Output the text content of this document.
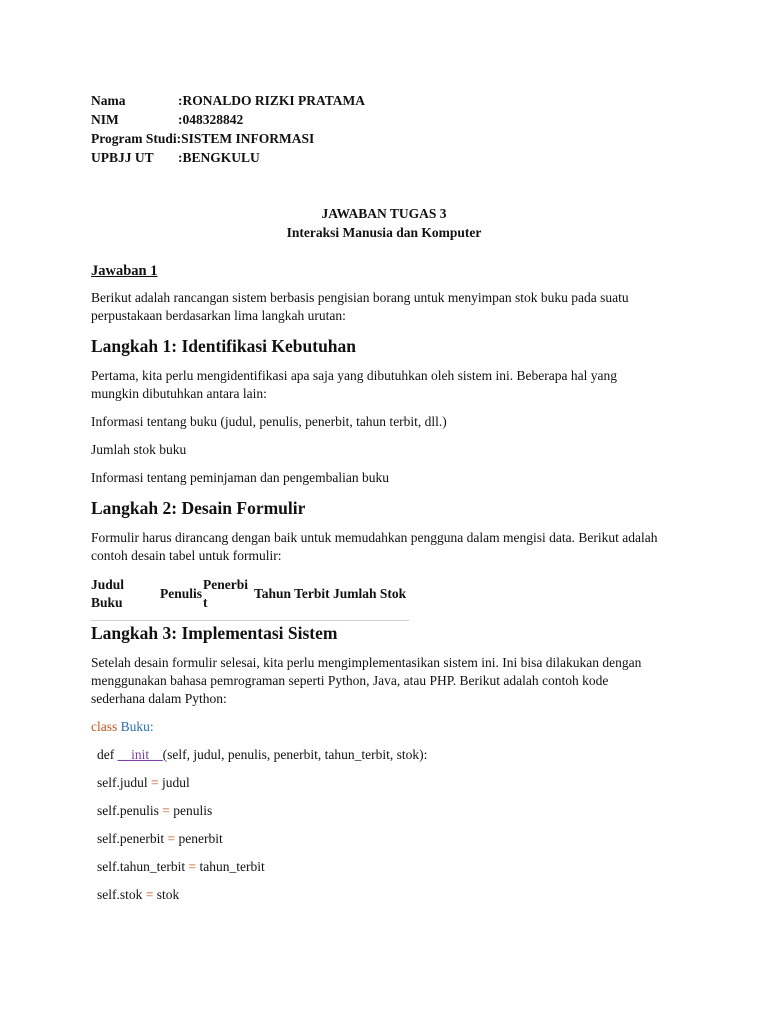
Nama	:RONALDO RIZKI PRATAMA
NIM	:048328842
Program Studi:SISTEM INFORMASI
UPBJJ UT :BENGKULU
JAWABAN TUGAS 3
Interaksi Manusia dan Komputer
Jawaban 1
Berikut adalah rancangan sistem berbasis pengisian borang untuk menyimpan stok buku pada suatu
perpustakaan berdasarkan lima langkah urutan:
Langkah 1: Identifikasi Kebutuhan
Pertama, kita perlu mengidentifikasi apa saja yang dibutuhkan oleh sistem ini. Beberapa hal yang
mungkin dibutuhkan antara lain:
Informasi tentang buku (judul, penulis, penerbit, tahun terbit, dll.)
Jumlah stok buku
Informasi tentang peminjaman dan pengembalian buku
Langkah 2: Desain Formulir
Formulir harus dirancang dengan baik untuk memudahkan pengguna dalam mengisi data. Berikut adalah
contoh desain tabel untuk formulir:
Judul
Buku
Penulis
Penerbi
t
Tahun Terbit Jumlah Stok
Langkah 3: Implementasi Sistem
Setelah desain formulir selesai, kita perlu mengimplementasikan sistem ini. Ini bisa dilakukan dengan
menggunakan bahasa pemrograman seperti Python, Java, atau PHP. Berikut adalah contoh kode
sederhana dalam Python:
class Buku:
def __init__(self, judul, penulis, penerbit, tahun_terbit, stok):
self.judul = judul
self.penulis = penulis
self.penerbit = penerbit
self.tahun_terbit = tahun_terbit
self.stok = stok
